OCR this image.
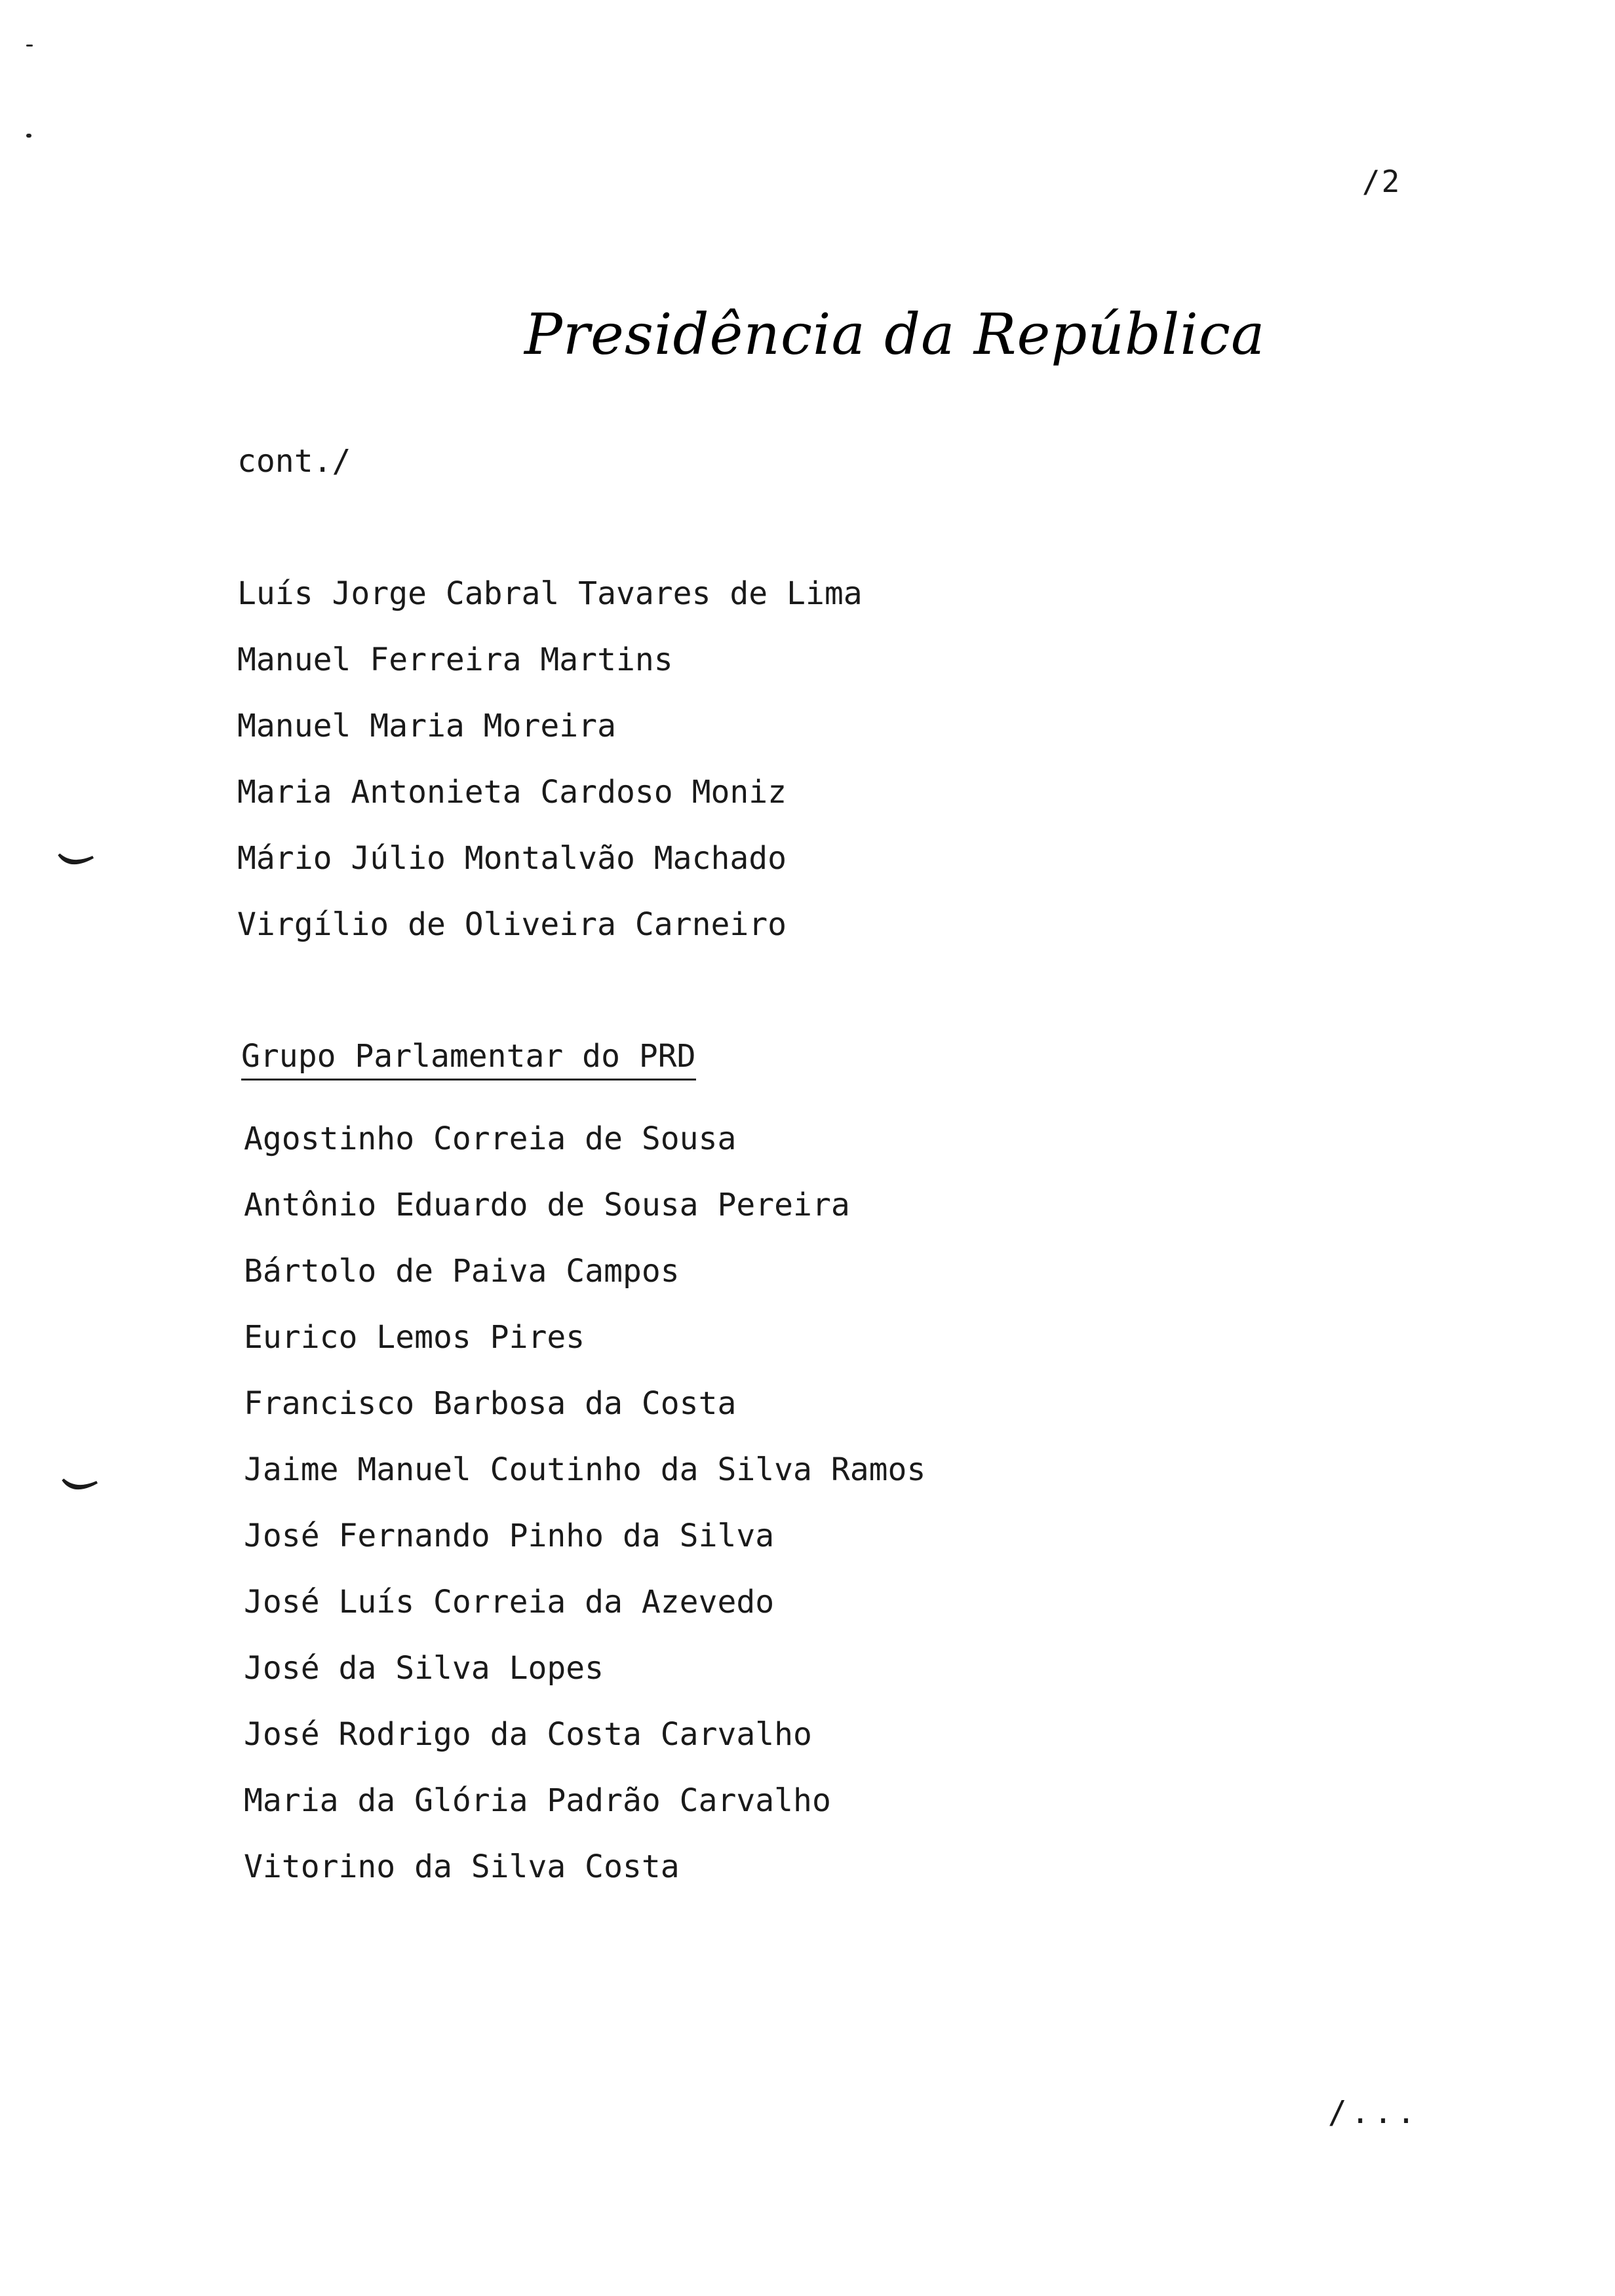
/2

Presidência da República

cont./

Luís Jorge Cabral Tavares de Lima
Manuel Ferreira Martins
Manuel Maria Moreira
Maria Antonieta Cardoso Moniz
Mário Júlio Montalvão Machado
Virgílio de Oliveira Carneiro
Grupo Parlamentar do PRD
Agostinho Correia de Sousa
Antônio Eduardo de Sousa Pereira
Bártolo de Paiva Campos
Eurico Lemos Pires
Francisco Barbosa da Costa
Jaime Manuel Coutinho da Silva Ramos
José Fernando Pinho da Silva
José Luís Correia da Azevedo
José da Silva Lopes
José Rodrigo da Costa Carvalho
Maria da Glória Padrão Carvalho
Vitorino da Silva Costa

/...
